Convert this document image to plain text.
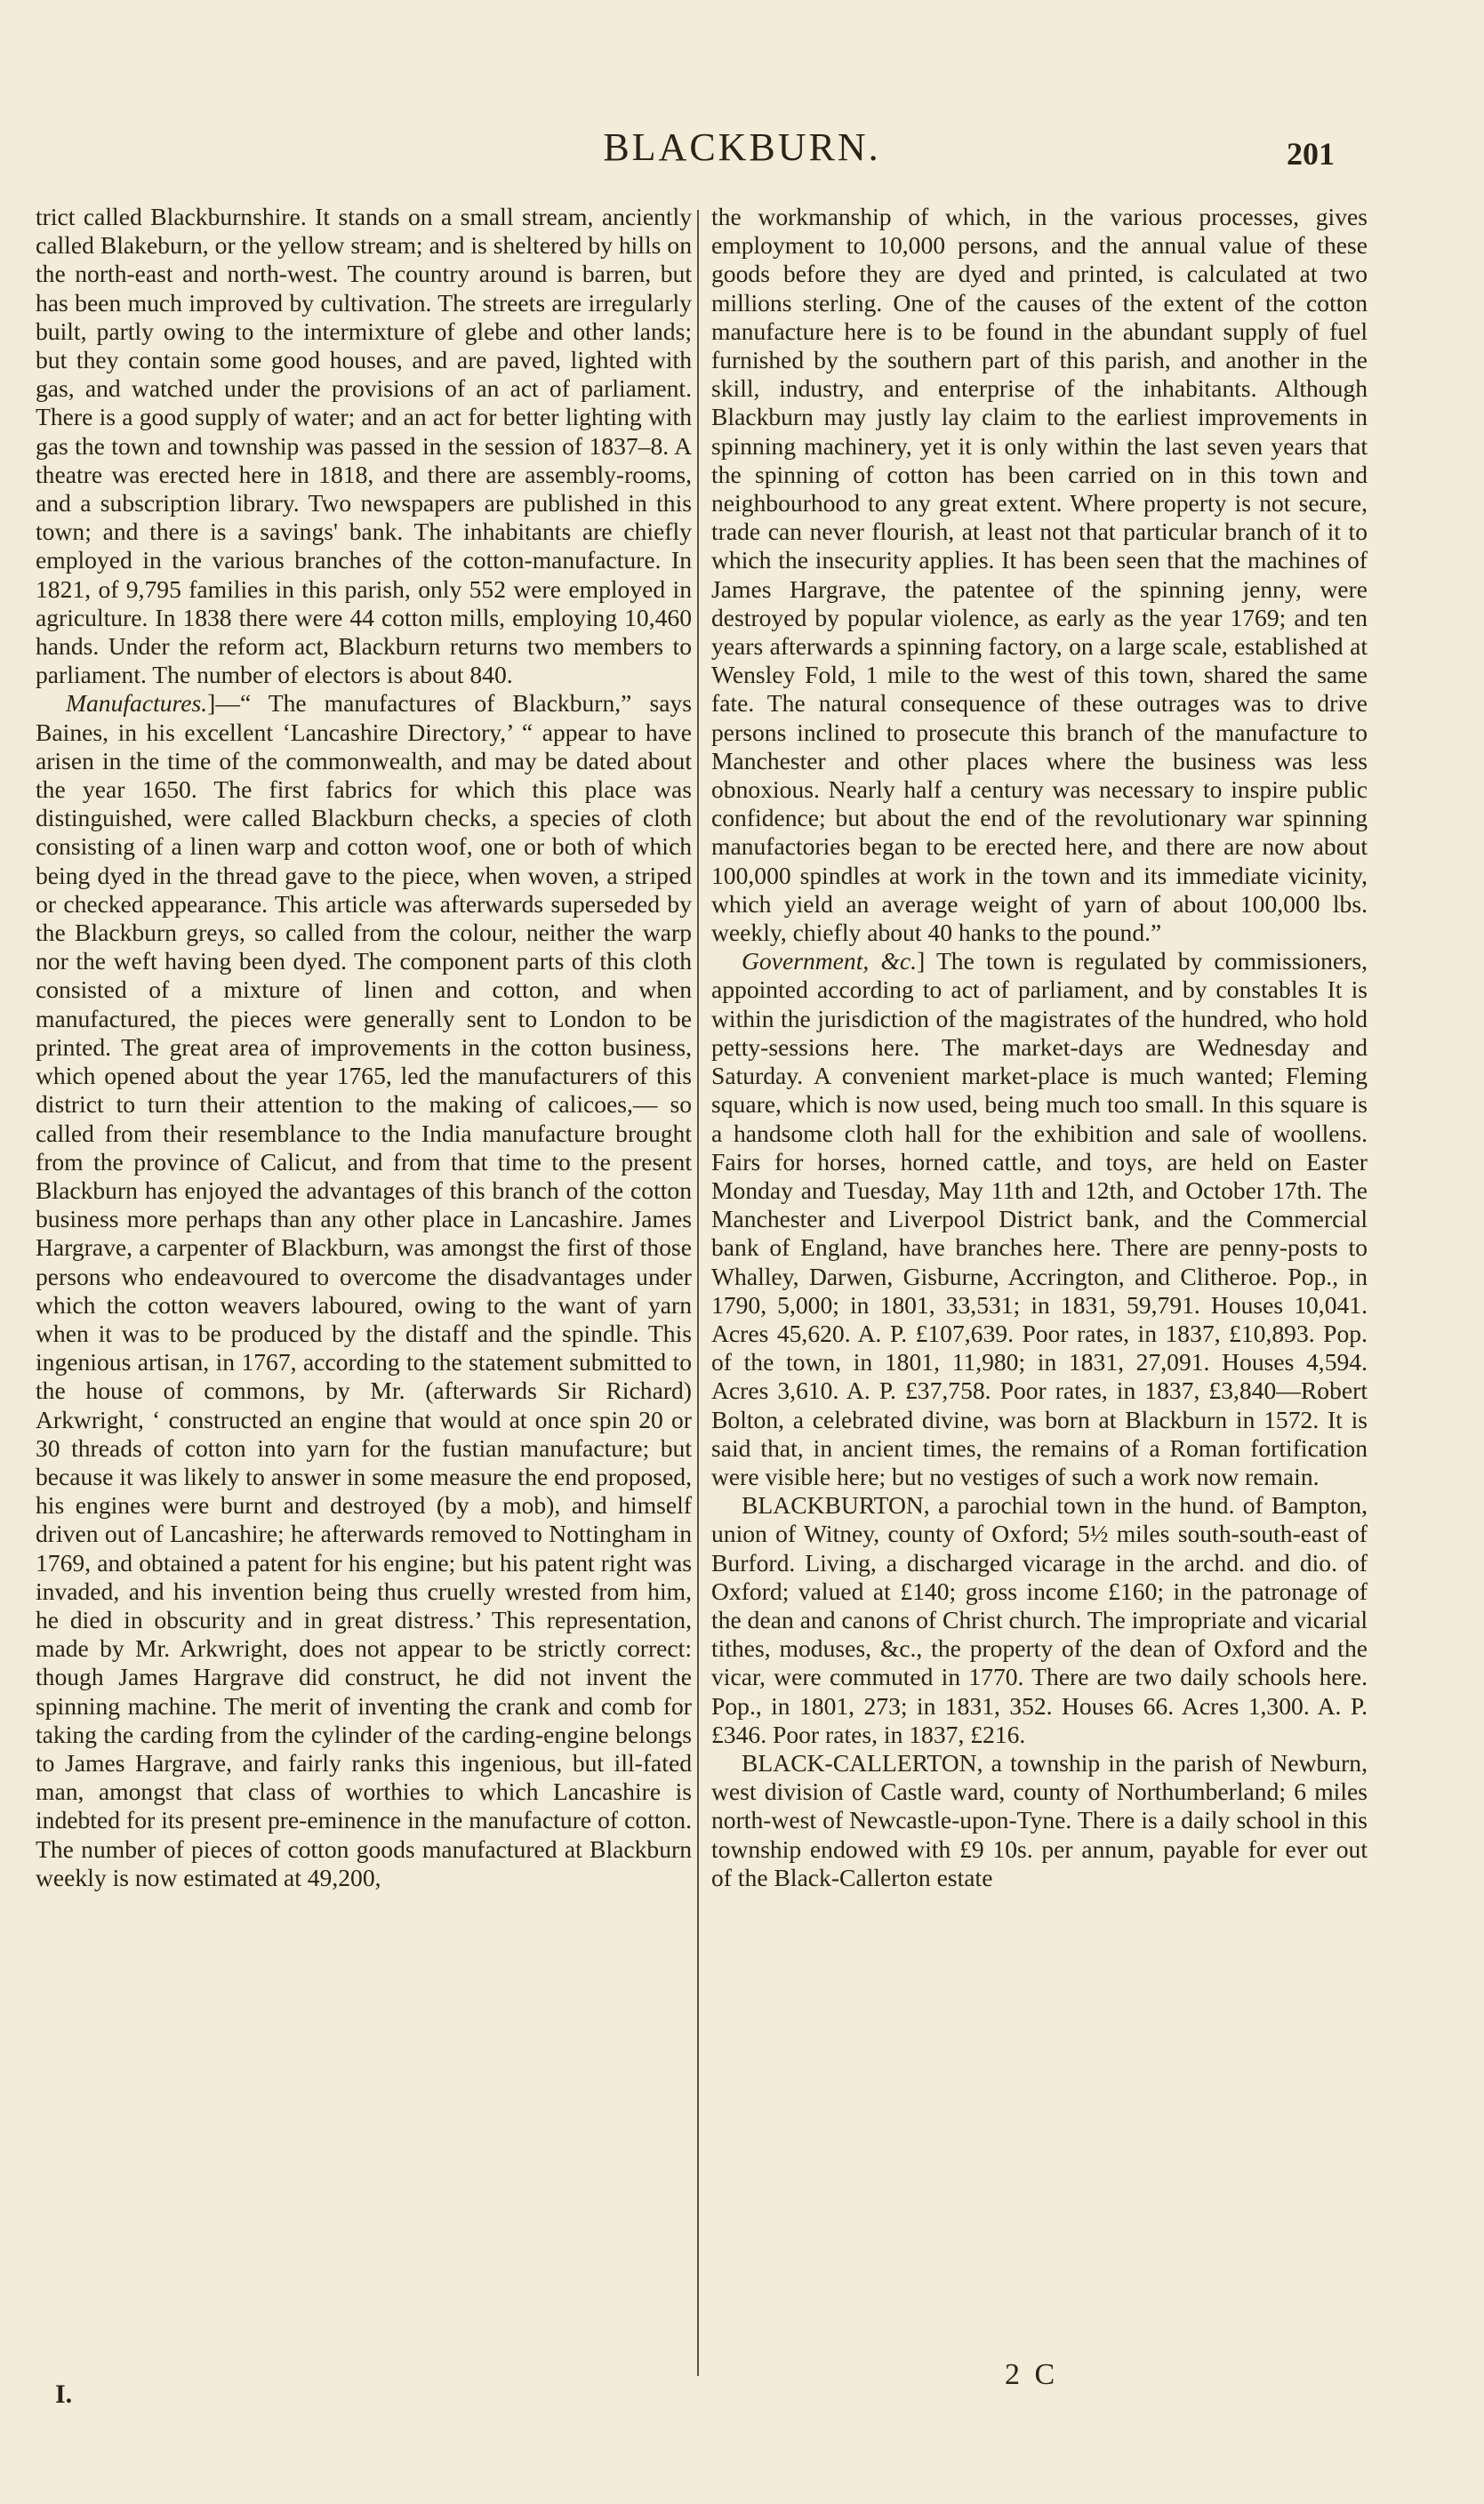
BLACKBURN.	201

trict called Blackburnshire. It stands on a small stream, anciently called Blakeburn, or the yellow stream; and is sheltered by hills on the north-east and north-west. The country around is barren, but has been much improved by cultivation. The streets are irregularly built, partly owing to the intermixture of glebe and other lands; but they contain some good houses, and are paved, lighted with gas, and watched under the provisions of an act of parliament. There is a good supply of water; and an act for better lighting with gas the town and township was passed in the session of 1837–8. A theatre was erected here in 1818, and there are assembly-rooms, and a subscription library. Two newspapers are published in this town; and there is a savings' bank. The inhabitants are chiefly employed in the various branches of the cotton-manufacture. In 1821, of 9,795 families in this parish, only 552 were employed in agriculture. In 1838 there were 44 cotton mills, employing 10,460 hands. Under the reform act, Blackburn returns two members to parliament. The number of electors is about 840.

Manufactures.]—“ The manufactures of Blackburn,” says Baines, in his excellent ‘Lancashire Directory,’ “ appear to have arisen in the time of the commonwealth, and may be dated about the year 1650. The first fabrics for which this place was distinguished, were called Blackburn checks, a species of cloth consisting of a linen warp and cotton woof, one or both of which being dyed in the thread gave to the piece, when woven, a striped or checked appearance. This article was afterwards superseded by the Blackburn greys, so called from the colour, neither the warp nor the weft having been dyed. The component parts of this cloth consisted of a mixture of linen and cotton, and when manufactured, the pieces were generally sent to London to be printed. The great area of improvements in the cotton business, which opened about the year 1765, led the manufacturers of this district to turn their attention to the making of calicoes,— so called from their resemblance to the India manufacture brought from the province of Calicut, and from that time to the present Blackburn has enjoyed the advantages of this branch of the cotton business more perhaps than any other place in Lancashire. James Hargrave, a carpenter of Blackburn, was amongst the first of those persons who endeavoured to overcome the disadvantages under which the cotton weavers laboured, owing to the want of yarn when it was to be produced by the distaff and the spindle. This ingenious artisan, in 1767, according to the statement submitted to the house of commons, by Mr. (afterwards Sir Richard) Arkwright, ‘ constructed an engine that would at once spin 20 or 30 threads of cotton into yarn for the fustian manufacture; but because it was likely to answer in some measure the end proposed, his engines were burnt and destroyed (by a mob), and himself driven out of Lancashire; he afterwards removed to Nottingham in 1769, and obtained a patent for his engine; but his patent right was invaded, and his invention being thus cruelly wrested from him, he died in obscurity and in great distress.’ This representation, made by Mr. Arkwright, does not appear to be strictly correct: though James Hargrave did construct, he did not invent the spinning machine. The merit of inventing the crank and comb for taking the carding from the cylinder of the carding-engine belongs to James Hargrave, and fairly ranks this ingenious, but ill-fated man, amongst that class of worthies to which Lancashire is indebted for its present pre-eminence in the manufacture of cotton. The number of pieces of cotton goods manufactured at Blackburn weekly is now estimated at 49,200,

the workmanship of which, in the various processes, gives employment to 10,000 persons, and the annual value of these goods before they are dyed and printed, is calculated at two millions sterling. One of the causes of the extent of the cotton manufacture here is to be found in the abundant supply of fuel furnished by the southern part of this parish, and another in the skill, industry, and enterprise of the inhabitants. Although Blackburn may justly lay claim to the earliest improvements in spinning machinery, yet it is only within the last seven years that the spinning of cotton has been carried on in this town and neighbourhood to any great extent. Where property is not secure, trade can never flourish, at least not that particular branch of it to which the insecurity applies. It has been seen that the machines of James Hargrave, the patentee of the spinning jenny, were destroyed by popular violence, as early as the year 1769; and ten years afterwards a spinning factory, on a large scale, established at Wensley Fold, 1 mile to the west of this town, shared the same fate. The natural consequence of these outrages was to drive persons inclined to prosecute this branch of the manufacture to Manchester and other places where the business was less obnoxious. Nearly half a century was necessary to inspire public confidence; but about the end of the revolutionary war spinning manufactories began to be erected here, and there are now about 100,000 spindles at work in the town and its immediate vicinity, which yield an average weight of yarn of about 100,000 lbs. weekly, chiefly about 40 hanks to the pound.”

Government, &c.] The town is regulated by commissioners, appointed according to act of parliament, and by constables It is within the jurisdiction of the magistrates of the hundred, who hold petty-sessions here. The market-days are Wednesday and Saturday. A convenient market-place is much wanted; Fleming square, which is now used, being much too small. In this square is a handsome cloth hall for the exhibition and sale of woollens. Fairs for horses, horned cattle, and toys, are held on Easter Monday and Tuesday, May 11th and 12th, and October 17th. The Manchester and Liverpool District bank, and the Commercial bank of England, have branches here. There are penny-posts to Whalley, Darwen, Gisburne, Accrington, and Clitheroe. Pop., in 1790, 5,000; in 1801, 33,531; in 1831, 59,791. Houses 10,041. Acres 45,620. A. P. £107,639. Poor rates, in 1837, £10,893. Pop. of the town, in 1801, 11,980; in 1831, 27,091. Houses 4,594. Acres 3,610. A. P. £37,758. Poor rates, in 1837, £3,840—Robert Bolton, a celebrated divine, was born at Blackburn in 1572. It is said that, in ancient times, the remains of a Roman fortification were visible here; but no vestiges of such a work now remain.

BLACKBURTON, a parochial town in the hund. of Bampton, union of Witney, county of Oxford; 5½ miles south-south-east of Burford. Living, a discharged vicarage in the archd. and dio. of Oxford; valued at £140; gross income £160; in the patronage of the dean and canons of Christ church. The impropriate and vicarial tithes, moduses, &c., the property of the dean of Oxford and the vicar, were commuted in 1770. There are two daily schools here. Pop., in 1801, 273; in 1831, 352. Houses 66. Acres 1,300. A. P. £346. Poor rates, in 1837, £216.

BLACK-CALLERTON, a township in the parish of Newburn, west division of Castle ward, county of Northumberland; 6 miles north-west of Newcastle-upon-Tyne. There is a daily school in this township endowed with £9 10s. per annum, payable for ever out of the Black-Callerton estate

I.
2 C
